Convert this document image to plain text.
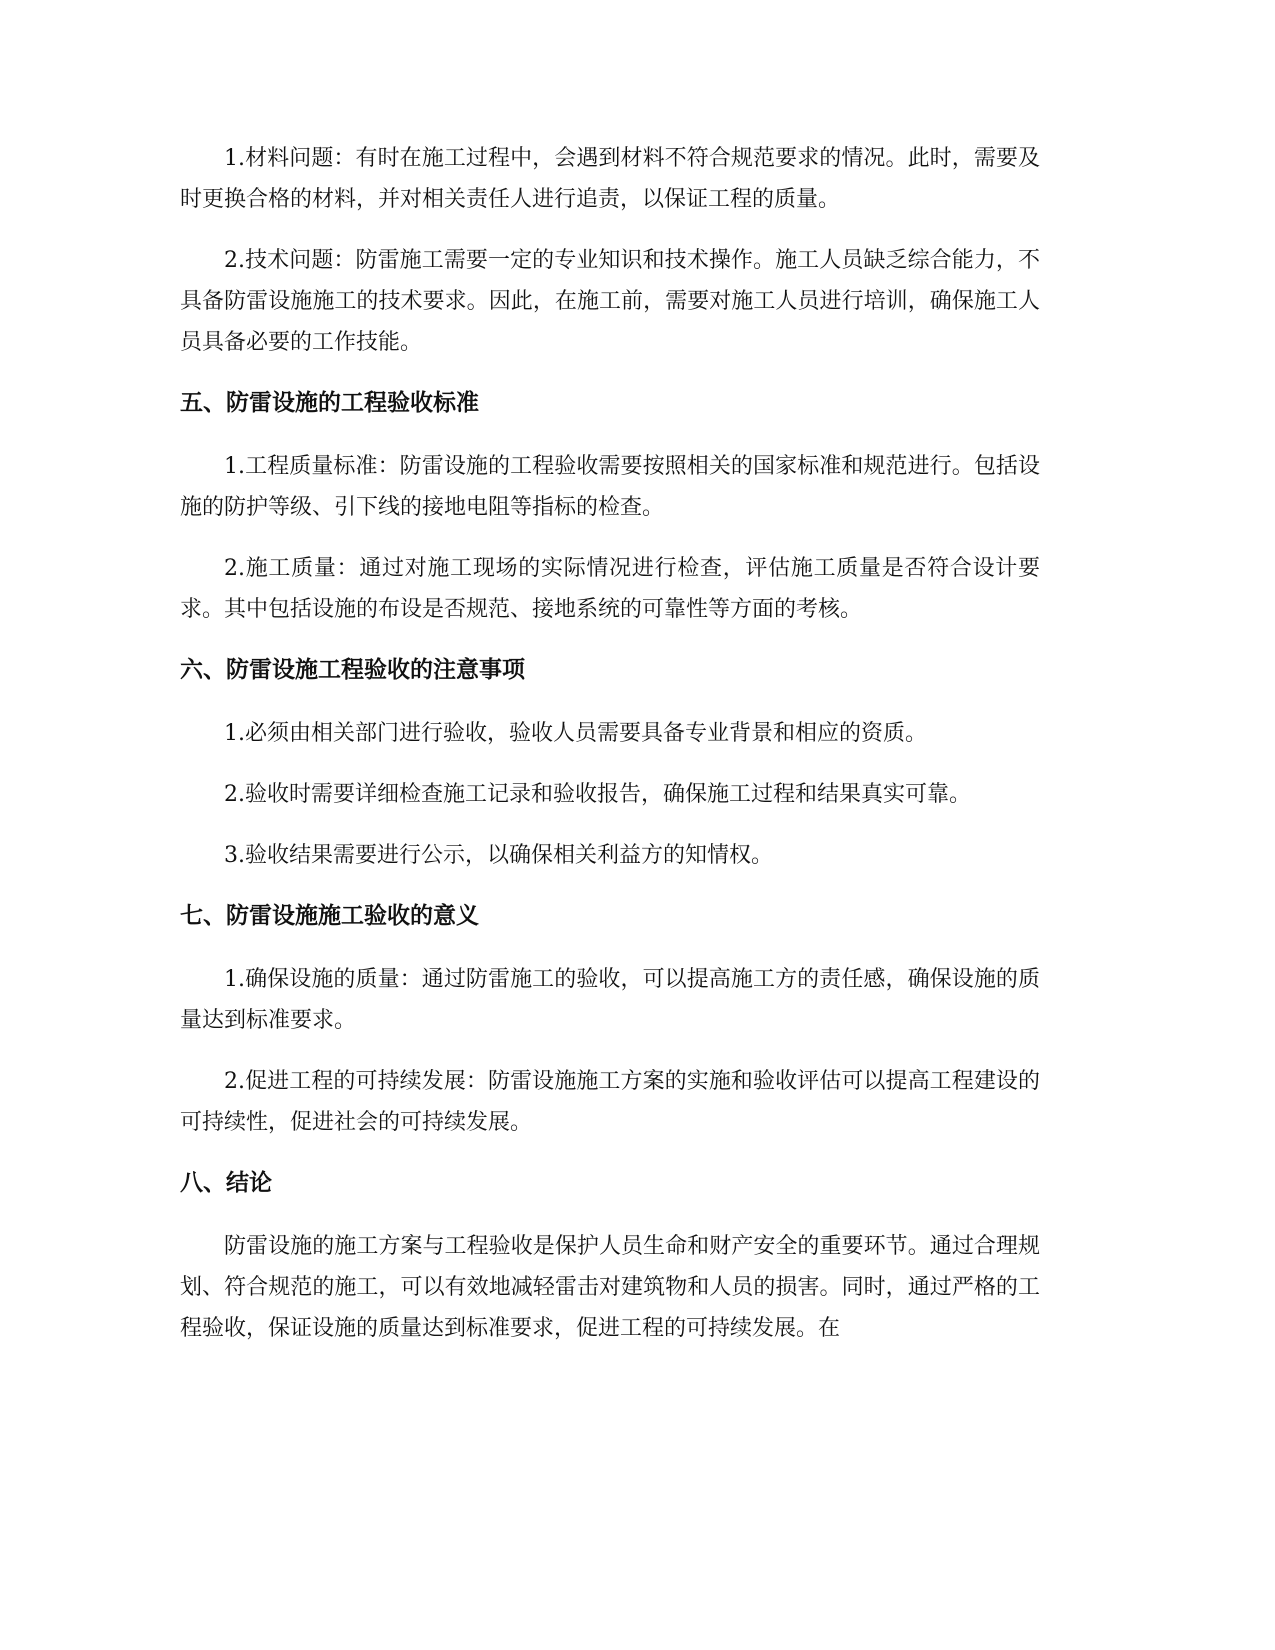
1.材料问题：有时在施工过程中，会遇到材料不符合规范要求的情况。此时，需要及时更换合格的材料，并对相关责任人进行追责，以保证工程的质量。

2.技术问题：防雷施工需要一定的专业知识和技术操作。施工人员缺乏综合能力，不具备防雷设施施工的技术要求。因此，在施工前，需要对施工人员进行培训，确保施工人员具备必要的工作技能。

五、防雷设施的工程验收标准

1.工程质量标准：防雷设施的工程验收需要按照相关的国家标准和规范进行。包括设施的防护等级、引下线的接地电阻等指标的检查。

2.施工质量：通过对施工现场的实际情况进行检查，评估施工质量是否符合设计要求。其中包括设施的布设是否规范、接地系统的可靠性等方面的考核。

六、防雷设施工程验收的注意事项

1.必须由相关部门进行验收，验收人员需要具备专业背景和相应的资质。

2.验收时需要详细检查施工记录和验收报告，确保施工过程和结果真实可靠。

3.验收结果需要进行公示，以确保相关利益方的知情权。

七、防雷设施施工验收的意义

1.确保设施的质量：通过防雷施工的验收，可以提高施工方的责任感，确保设施的质量达到标准要求。

2.促进工程的可持续发展：防雷设施施工方案的实施和验收评估可以提高工程建设的可持续性，促进社会的可持续发展。

八、结论

防雷设施的施工方案与工程验收是保护人员生命和财产安全的重要环节。通过合理规划、符合规范的施工，可以有效地减轻雷击对建筑物和人员的损害。同时，通过严格的工程验收，保证设施的质量达到标准要求，促进工程的可持续发展。在
